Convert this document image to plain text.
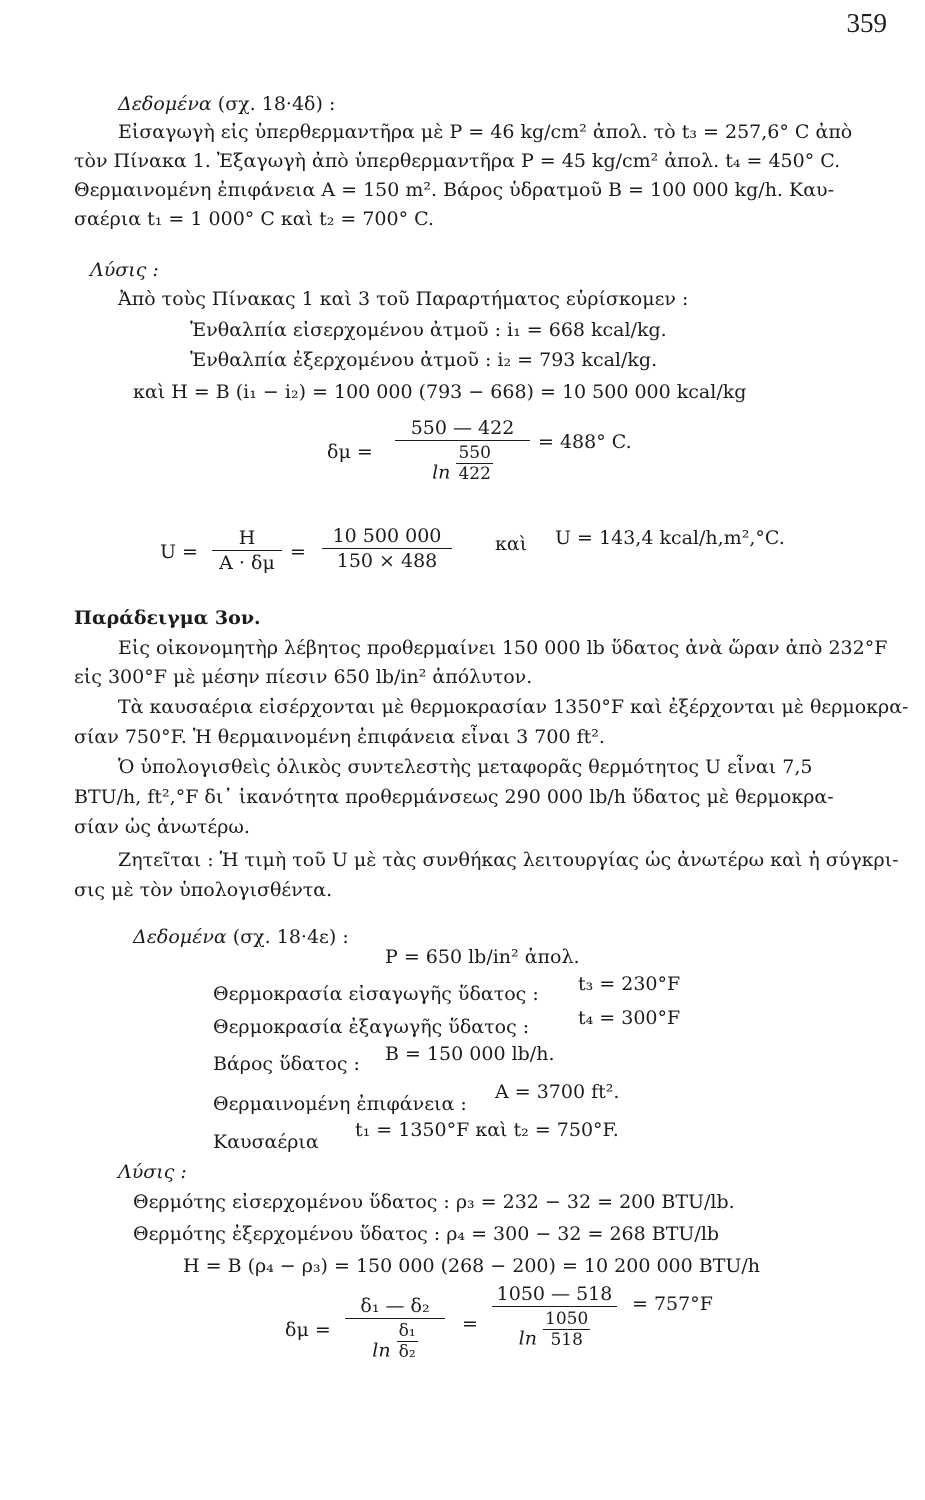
359
Δεδομένα (σχ. 18·4δ) :
Εἰσαγωγὴ εἰς ὑπερθερμαντῆρα μὲ P = 46 kg/cm² ἀπολ. τὸ t₃ = 257,6° C ἀπὸ
τὸν Πίνακα 1. Ἐξαγωγὴ ἀπὸ ὑπερθερμαντῆρα P = 45 kg/cm² ἀπολ. t₄ = 450° C.
Θερμαινομένη ἐπιφάνεια A = 150 m². Βάρος ὑδρατμοῦ B = 100 000 kg/h. Καυ-
σαέρια t₁ = 1 000° C καὶ t₂ = 700° C.
Λύσις :
Ἀπὸ τοὺς Πίνακας 1 καὶ 3 τοῦ Παραρτήματος εὑρίσκομεν :
Ἐνθαλπία εἰσερχομένου ἀτμοῦ : i₁ = 668 kcal/kg.
Ἐνθαλπία ἐξερχομένου ἀτμοῦ : i₂ = 793 kcal/kg.
καὶ H = B (i₁ − i₂) = 100 000 (793 − 668) = 10 500 000 kcal/kg
$\delta\mu = \frac{550 — 422}{\ln \frac{550}{422}} = 488^\circ$ C.
$U = \frac{H}{A \cdot \delta\mu} = \frac{10 500 000}{150 \times 488}$ καὶ U = 143,4 kcal/h,m²,°C.
Παράδειγμα 3ον.
Εἰς οἰκονομητὴρ λέβητος προθερμαίνει 150 000 lb ὕδατος ἀνὰ ὥραν ἀπὸ 232°F
εἰς 300°F μὲ μέσην πίεσιν 650 lb/in² ἀπόλυτον.
Τὰ καυσαέρια εἰσέρχονται μὲ θερμοκρασίαν 1350°F καὶ ἐξέρχονται μὲ θερμοκρα-
σίαν 750°F. Ἡ θερμαινομένη ἐπιφάνεια εἶναι 3 700 ft².
Ὁ ὑπολογισθεὶς ὁλικὸς συντελεστὴς μεταφορᾶς θερμότητος U εἶναι 7,5
BTU/h, ft²,°F δι᾽ ἱκανότητα προθερμάνσεως 290 000 lb/h ὕδατος μὲ θερμοκρα-
σίαν ὡς ἀνωτέρω.
Ζητεῖται : Ἡ τιμὴ τοῦ U μὲ τὰς συνθήκας λειτουργίας ὡς ἀνωτέρω καὶ ἡ σύγκρι-
σις μὲ τὸν ὑπολογισθέντα.
Δεδομένα (σχ. 18·4ε) :
P = 650 lb/in² ἀπολ.
Θερμοκρασία εἰσαγωγῆς ὕδατος : t₃ = 230°F
Θερμοκρασία ἐξαγωγῆς ὕδατος :	t₄ = 300°F
Βάρος ὕδατος : B = 150 000 lb/h.
Θερμαινομένη ἐπιφάνεια :
A = 3700 ft².
Καυσαέρια
t₁ = 1350°F καὶ t₂ = 750°F.
Λύσις :
Θερμότης εἰσερχομένου ὕδατος : ρ₃ = 232 − 32 = 200 BTU/lb.
Θερμότης ἐξερχομένου ὕδατος : ρ₄ = 300 − 32 = 268 BTU/lb
H = B (ρ₄ − ρ₃) = 150 000 (268 − 200) = 10 200 000 BTU/h
$\delta\mu = \frac{\text{δ₁ — δ₂}}{\ln \frac{\text{δ₁}}{\text{δ₂}}} = \frac{1050 — 518}{\ln \frac{1050}{518}} = 757^\circ F$
